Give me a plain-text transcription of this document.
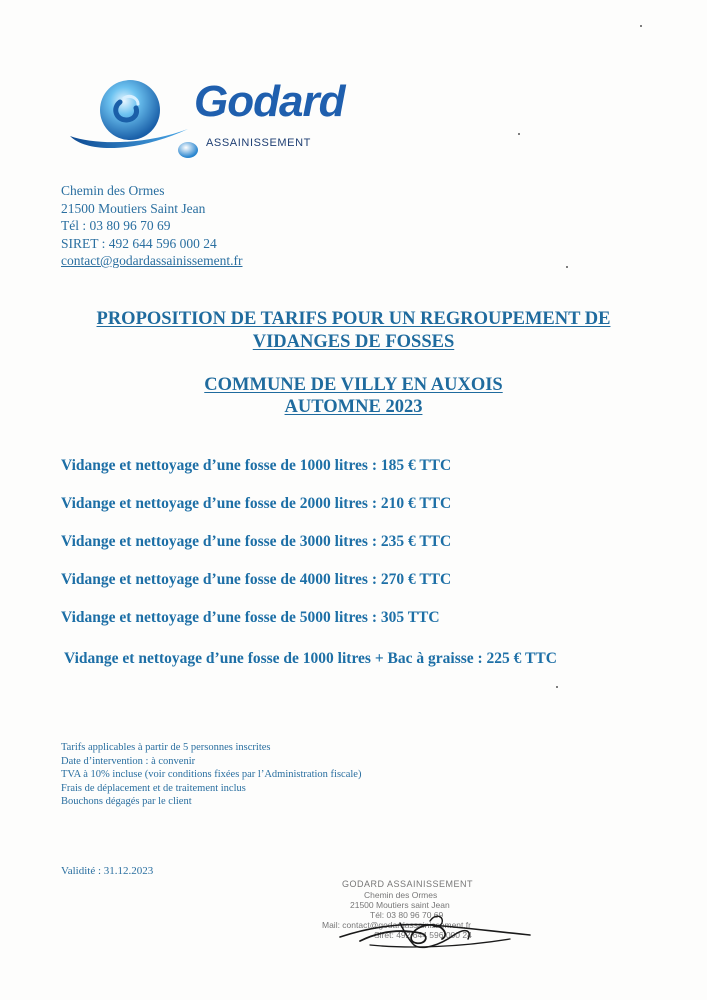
Godard
ASSAINISSEMENT
Chemin des Ormes
21500 Moutiers Saint Jean
Tél : 03 80 96 70 69
SIRET : 492 644 596 000 24
contact@godardassainissement.fr
PROPOSITION DE TARIFS POUR UN REGROUPEMENT DE
VIDANGES DE FOSSES
COMMUNE DE VILLY EN AUXOIS
AUTOMNE 2023
Vidange et nettoyage d’une fosse de 1000 litres : 185 € TTC
Vidange et nettoyage d’une fosse de 2000 litres : 210 € TTC
Vidange et nettoyage d’une fosse de 3000 litres : 235 € TTC
Vidange et nettoyage d’une fosse de 4000 litres : 270 € TTC
Vidange et nettoyage d’une fosse de 5000 litres : 305 TTC
Vidange et nettoyage d’une fosse de 1000 litres + Bac à graisse : 225 € TTC
Tarifs applicables à partir de 5 personnes inscrites
Date d’intervention : à convenir
TVA à 10% incluse (voir conditions fixées par l’Administration fiscale)
Frais de déplacement et de traitement inclus
Bouchons dégagés par le client
Validité : 31.12.2023
GODARD ASSAINISSEMENT
Chemin des Ormes
21500 Moutiers saint Jean
Tél: 03 80 96 70 69
Mail: contact@godardassainissement.fr
Siret: 492 644 596 000 24
